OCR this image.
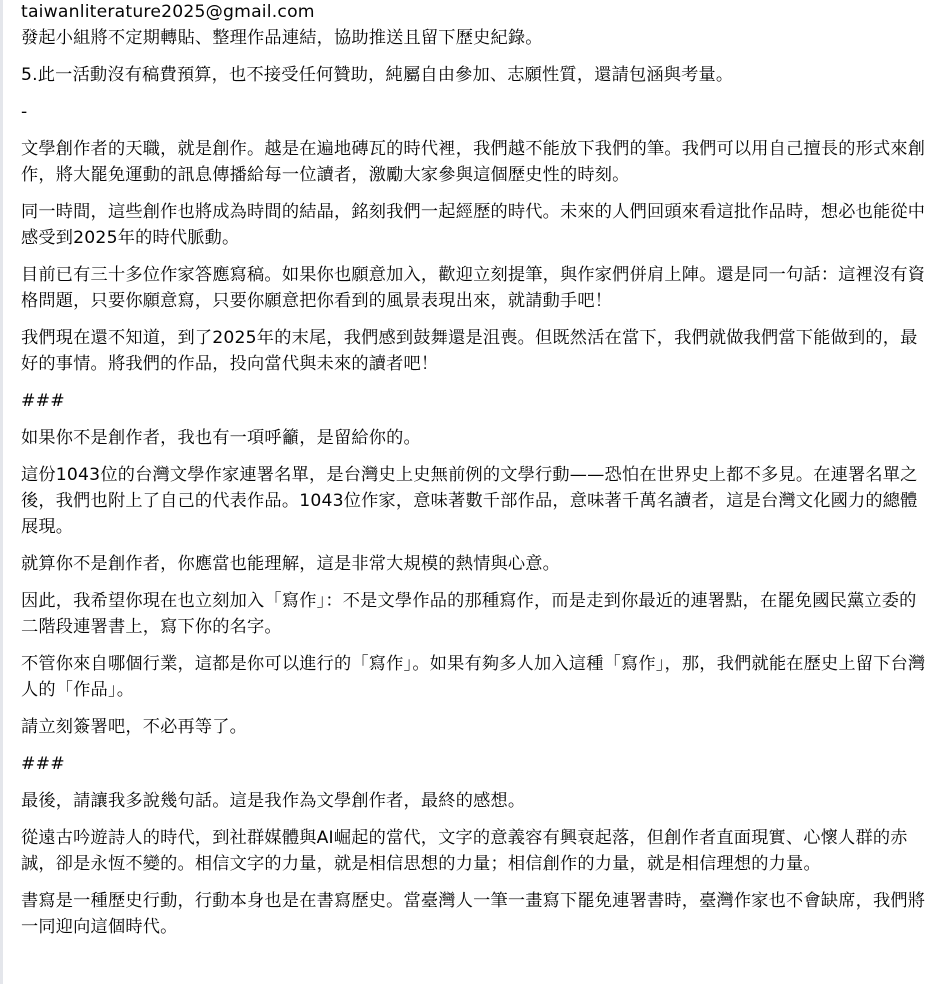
taiwanliterature2025@gmail.com

發起小組將不定期轉貼、整理作品連結，協助推送且留下歷史紀錄。

5.此一活動沒有稿費預算，也不接受任何贊助，純屬自由參加、志願性質，還請包涵與考量。

-

文學創作者的天職，就是創作。越是在遍地磚瓦的時代裡，我們越不能放下我們的筆。我們可以用自己擅長的形式來創作，將大罷免運動的訊息傳播給每一位讀者，激勵大家參與這個歷史性的時刻。

同一時間，這些創作也將成為時間的結晶，銘刻我們一起經歷的時代。未來的人們回頭來看這批作品時，想必也能從中感受到2025年的時代脈動。

目前已有三十多位作家答應寫稿。如果你也願意加入，歡迎立刻提筆，與作家們併肩上陣。還是同一句話：這裡沒有資格問題，只要你願意寫，只要你願意把你看到的風景表現出來，就請動手吧！

我們現在還不知道，到了2025年的末尾，我們感到鼓舞還是沮喪。但既然活在當下，我們就做我們當下能做到的，最好的事情。將我們的作品，投向當代與未來的讀者吧！

###

如果你不是創作者，我也有一項呼籲，是留給你的。

這份1043位的台灣文學作家連署名單，是台灣史上史無前例的文學行動——恐怕在世界史上都不多見。在連署名單之後，我們也附上了自己的代表作品。1043位作家，意味著數千部作品，意味著千萬名讀者，這是台灣文化國力的總體展現。

就算你不是創作者，你應當也能理解，這是非常大規模的熱情與心意。

因此，我希望你現在也立刻加入「寫作」：不是文學作品的那種寫作，而是走到你最近的連署點，在罷免國民黨立委的二階段連署書上，寫下你的名字。

不管你來自哪個行業，這都是你可以進行的「寫作」。如果有夠多人加入這種「寫作」，那，我們就能在歷史上留下台灣人的「作品」。

請立刻簽署吧，不必再等了。

###

最後，請讓我多說幾句話。這是我作為文學創作者，最終的感想。

從遠古吟遊詩人的時代，到社群媒體與AI崛起的當代，文字的意義容有興衰起落，但創作者直面現實、心懷人群的赤誠，卻是永恆不變的。相信文字的力量，就是相信思想的力量；相信創作的力量，就是相信理想的力量。

書寫是一種歷史行動，行動本身也是在書寫歷史。當臺灣人一筆一畫寫下罷免連署書時，臺灣作家也不會缺席，我們將一同迎向這個時代。
